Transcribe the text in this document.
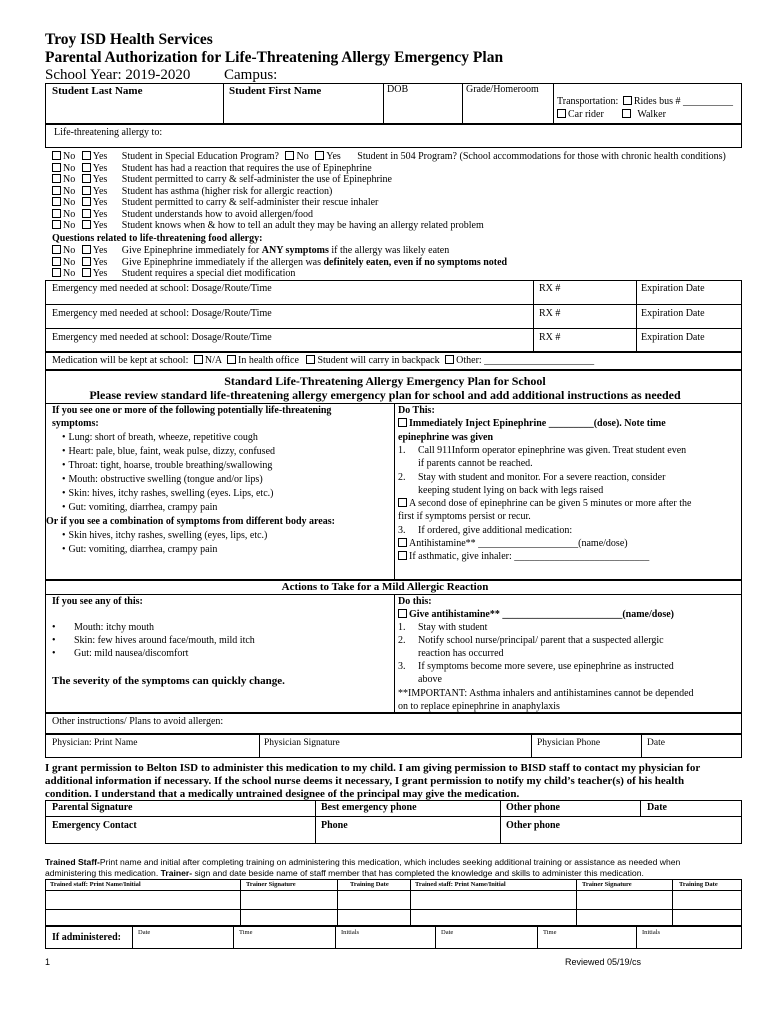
Troy ISD Health Services
Parental Authorization for Life-Threatening Allergy Emergency Plan
School Year: 2019-2020 Campus:
Student Last Name	Student First Name	DOB	Grade/Homeroom
Transportation: Rides bus # __________
Car rider	Walker
Life-threatening allergy to:
No Yes Student in Special Education Program? No Yes Student in 504 Program? (School accommodations for those with chronic health conditions)
No Yes Student has had a reaction that requires the use of Epinephrine
No Yes Student permitted to carry & self-administer the use of Epinephrine
No Yes Student has asthma (higher risk for allergic reaction)
No Yes Student permitted to carry & self-administer their rescue inhaler
No Yes Student understands how to avoid allergen/food
No Yes Student knows when & how to tell an adult they may be having an allergy related problem
Questions related to life-threatening food allergy:
No Yes Give Epinephrine immediately for ANY symptoms if the allergy was likely eaten
No Yes Give Epinephrine immediately if the allergen was definitely eaten, even if no symptoms noted
No Yes Student requires a special diet modification
Emergency med needed at school: Dosage/Route/Time	RX #	Expiration Date
Emergency med needed at school: Dosage/Route/Time	RX #	Expiration Date
Emergency med needed at school: Dosage/Route/Time	RX #	Expiration Date
Medication will be kept at school: N/A In health office Student will carry in backpack Other: ______________________
Standard Life-Threatening Allergy Emergency Plan for School
Please review standard life-threatening allergy emergency plan for school and add additional instructions as needed
If you see one or more of the following potentially life-threatening
symptoms:
• Lung: short of breath, wheeze, repetitive cough
• Heart: pale, blue, faint, weak pulse, dizzy, confused
• Throat: tight, hoarse, trouble breathing/swallowing
• Mouth: obstructive swelling (tongue and/or lips)
• Skin: hives, itchy rashes, swelling (eyes. Lips, etc.)
• Gut: vomiting, diarrhea, crampy pain
Or if you see a combination of symptoms from different body areas:
• Skin hives, itchy rashes, swelling (eyes, lips, etc.)
• Gut: vomiting, diarrhea, crampy pain
Do This:
Immediately Inject Epinephrine _________(dose). Note time
epinephrine was given
1. Call 911Inform operator epinephrine was given. Treat student even
if parents cannot be reached.
2. Stay with student and monitor. For a severe reaction, consider
keeping student lying on back with legs raised
A second dose of epinephrine can be given 5 minutes or more after the
first if symptoms persist or recur.
3. If ordered, give additional medication:
Antihistamine** ____________________(name/dose)
If asthmatic, give inhaler: ___________________________
Actions to Take for a Mild Allergic Reaction
If you see any of this:
• Mouth: itchy mouth
• Skin: few hives around face/mouth, mild itch
• Gut: mild nausea/discomfort
The severity of the symptoms can quickly change.
Do this:
Give antihistamine** ________________________(name/dose)
1. Stay with student
2. Notify school nurse/principal/ parent that a suspected allergic
reaction has occurred
3. If symptoms become more severe, use epinephrine as instructed
above
**IMPORTANT: Asthma inhalers and antihistamines cannot be depended
on to replace epinephrine in anaphylaxis
Other instructions/ Plans to avoid allergen:
Physician: Print Name	Physician Signature	Physician Phone	Date
I grant permission to Belton ISD to administer this medication to my child. I am giving permission to BISD staff to contact my physician for
additional information if necessary. If the school nurse deems it necessary, I grant permission to notify my child’s teacher(s) of his health
condition. I understand that a medically untrained designee of the principal may give the medication.
Parental Signature	Best emergency phone	Other phone	Date
Emergency Contact	Phone	Other phone
Trained Staff-Print name and initial after completing training on administering this medication, which includes seeking additional training or assistance as needed when
administering this medication. Trainer- sign and date beside name of staff member that has completed the knowledge and skills to administer this medication.
Trained staff: Print Name/Initial	Trainer Signature	Training Date	Trained staff: Print Name/Initial	Trainer Signature	Training Date
If administered:	Date	Time	Initials	Date	Time	Initials
1	Reviewed 05/19/cs
